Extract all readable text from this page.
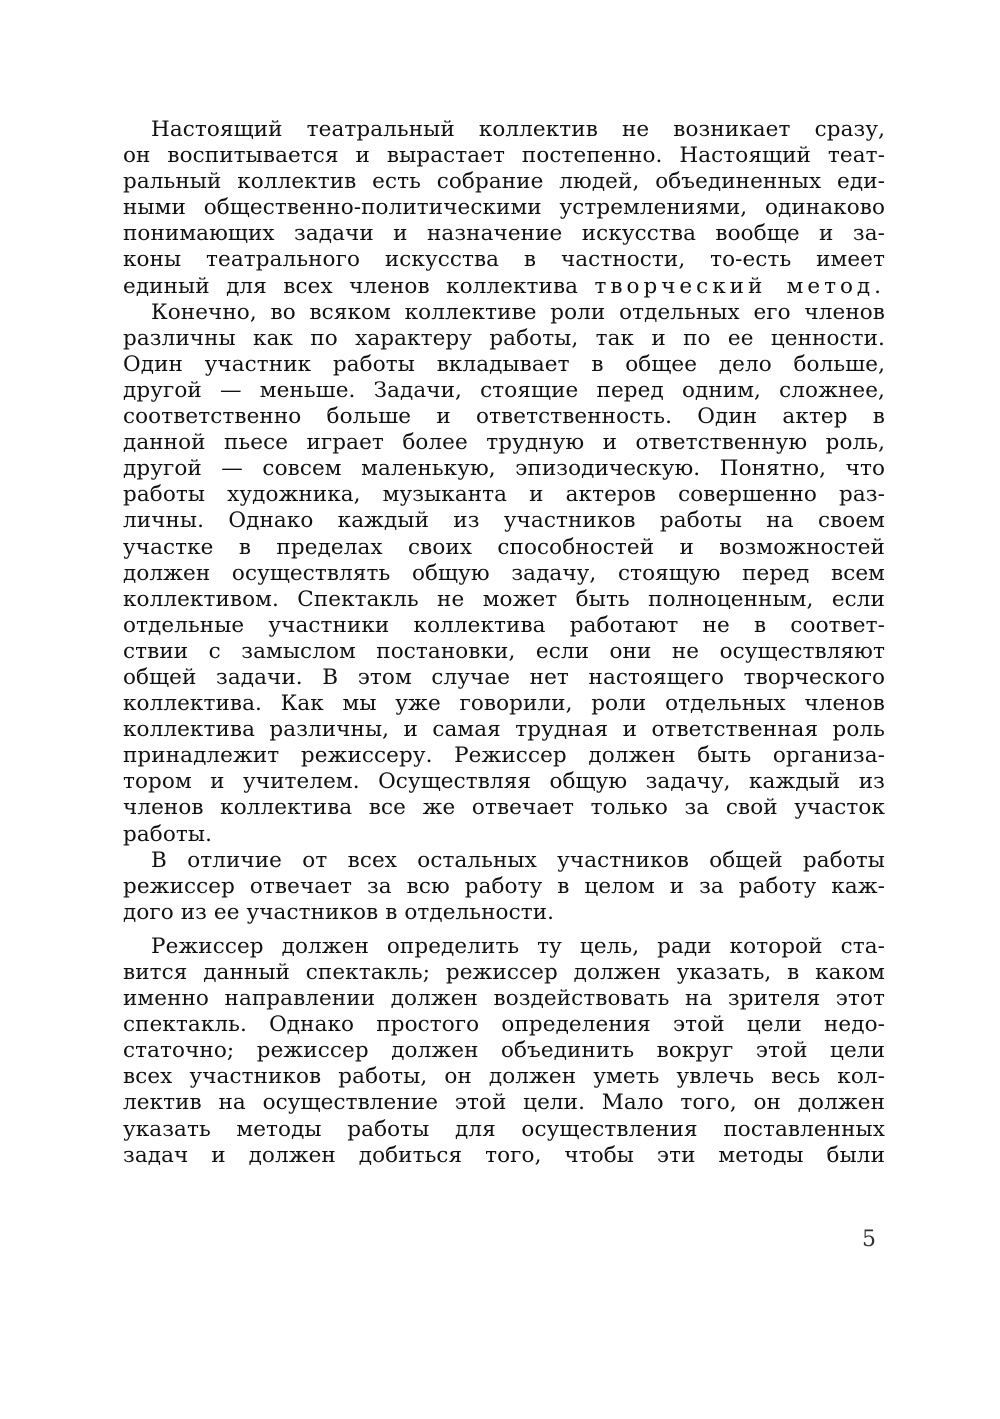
Настоящий театральный коллектив не возникает сразу,
он воспитывается и вырастает постепенно. Настоящий теат-
ральный коллектив есть собрание людей, объединенных еди-
ными общественно-политическими устремлениями, одинаково
понимающих задачи и назначение искусства вообще и за-
коны театрального искусства в частности, то-есть имеет
единый для всех членов коллектива творческий метод.
Конечно, во всяком коллективе роли отдельных его членов
различны как по характеру работы, так и по ее ценности.
Один участник работы вкладывает в общее дело больше,
другой — меньше. Задачи, стоящие перед одним, сложнее,
соответственно больше и ответственность. Один актер в
данной пьесе играет более трудную и ответственную роль,
другой — совсем маленькую, эпизодическую. Понятно, что
работы художника, музыканта и актеров совершенно раз-
личны. Однако каждый из участников работы на своем
участке в пределах своих способностей и возможностей
должен осуществлять общую задачу, стоящую перед всем
коллективом. Спектакль не может быть полноценным, если
отдельные участники коллектива работают не в соответ-
ствии с замыслом постановки, если они не осуществляют
общей задачи. В этом случае нет настоящего творческого
коллектива. Как мы уже говорили, роли отдельных членов
коллектива различны, и самая трудная и ответственная роль
принадлежит режиссеру. Режиссер должен быть организа-
тором и учителем. Осуществляя общую задачу, каждый из
членов коллектива все же отвечает только за свой участок
работы.
В отличие от всех остальных участников общей работы
режиссер отвечает за всю работу в целом и за работу каж-
дого из ее участников в отдельности.
Режиссер должен определить ту цель, ради которой ста-
вится данный спектакль; режиссер должен указать, в каком
именно направлении должен воздействовать на зрителя этот
спектакль. Однако простого определения этой цели недо-
статочно; режиссер должен объединить вокруг этой цели
всех участников работы, он должен уметь увлечь весь кол-
лектив на осуществление этой цели. Мало того, он должен
указать методы работы для осуществления поставленных
задач и должен добиться того, чтобы эти методы были
5
